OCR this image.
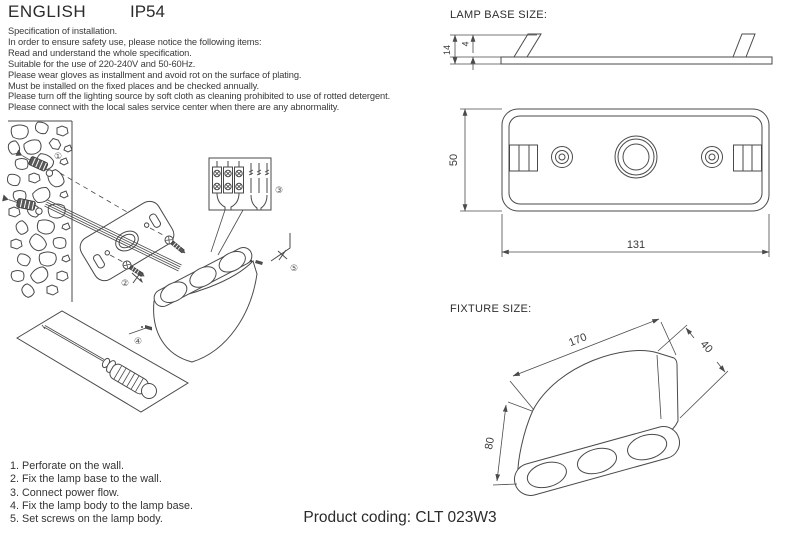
ENGLISH	IP54
Specification of installation.
In order to ensure safety use, please notice the following items:
Read and understand the whole specification.
Suitable for the use of 220-240V and 50-60Hz.
Please wear gloves as installment and avoid rot on the surface of plating.
Must be installed on the fixed places and be checked annually.
Please turn off the lighting source by soft cloth as cleaning prohibited to use of rotted detergent.
Please connect with the local sales service center when there are any abnormality.
①
②
③
④
⑤
1. Perforate on the wall.
2. Fix the lamp base to the wall.
3. Connect power flow.
4. Fix the lamp body to the lamp base.
5. Set screws on the lamp body.
LAMP BASE SIZE:
14
4
50
131
FIXTURE SIZE:
170	40
80
Product coding: CLT 023W3
